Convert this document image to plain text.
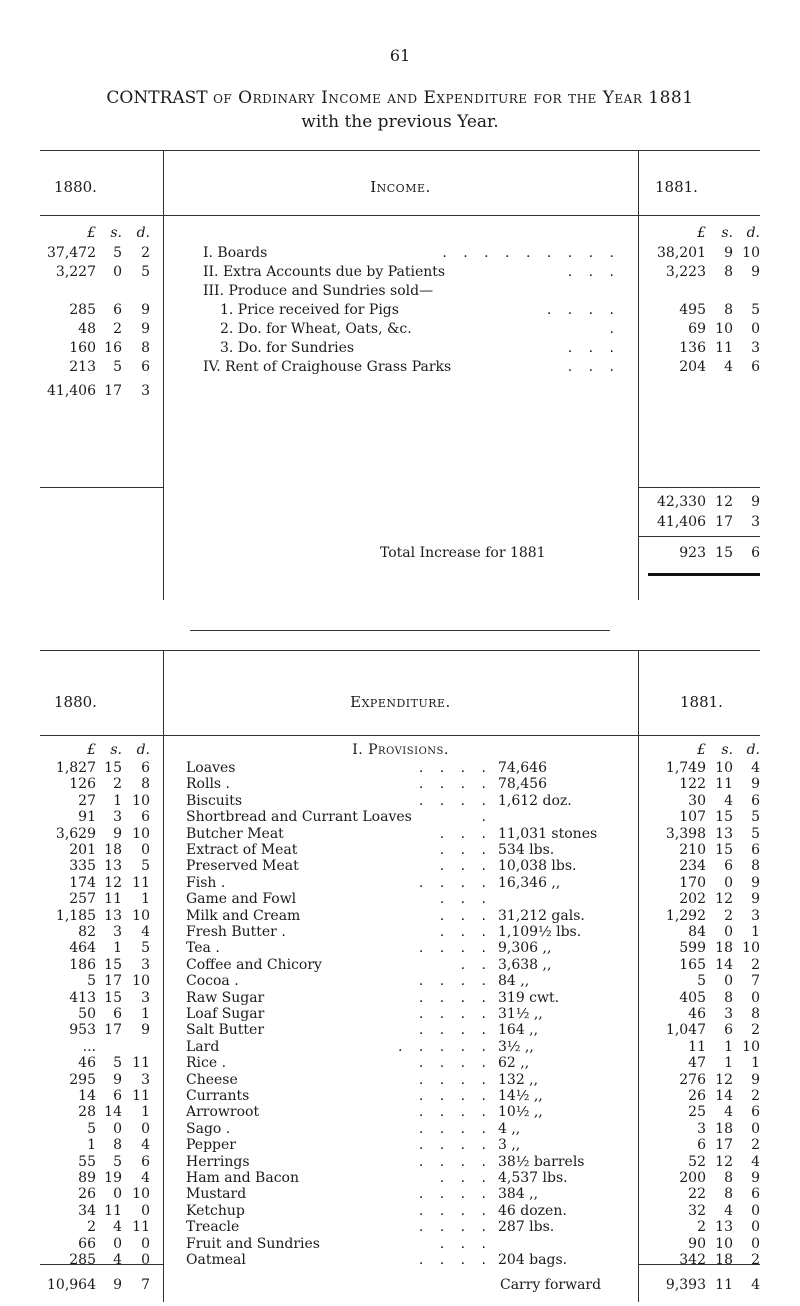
61
CONTRAST of Ordinary Income and Expenditure for the Year 1881
with the previous Year.
1880.	Income.	1881.
£	s.	d.	£	s. d.
37,472	5	2	I. Boards	. . . . . . . . .	38,201	9 10
3,227	0	5	II. Extra Accounts due by Patients	. . .	3,223	8	9
III. Produce and Sundries sold—
285	6	9	1. Price received for Pigs	. . . .	495	8	5
48	2	9	2. Do. for Wheat, Oats, &c.	.	69 10	0
160 16	8	3. Do. for Sundries	. . .	136 11	3
213	5	6	IV. Rent of Craighouse Grass Parks	. . .	204	4	6
41,406 17	3
42,330 12	9
41,406 17	3
Total Increase for 1881	923 15	6
1880.	Expenditure.	1881.
I. Provisions.
£	s.	d.	£	s. d.
1,827 15	6	Loaves	. . . . 74,646	1,749 10	4
126	2	8	Rolls .	. . . . 78,456	122 11	9
27	1 10	Biscuits	. . . . 1,612 doz.	30	4	6
91	3	6	Shortbread and Currant Loaves	.	107 15	5
3,629	9 10	Butcher Meat	. . . 11,031 stones	3,398 13	5
201 18	0	Extract of Meat	. . . 534 lbs.	210 15	6
335 13	5	Preserved Meat	. . . 10,038 lbs.	234	6	8
174 12 11	Fish .	. . . . 16,346 ,,	170	0	9
257 11	1	Game and Fowl	. . .	202 12	9
1,185 13 10	Milk and Cream	. . . 31,212 gals.	1,292	2	3
82	3	4	Fresh Butter .	. . . 1,109½ lbs.	84	0	1
464	1	5	Tea .	. . . . 9,306 ,,	599 18 10
186 15	3	Coffee and Chicory	. . 3,638 ,,	165 14	2
5 17 10	Cocoa .	. . . . 84 ,,	5	0	7
413 15	3	Raw Sugar	. . . . 319 cwt.	405	8	0
50	6	1	Loaf Sugar	. . . . 31½ ,,	46	3	8
953 17	9	Salt Butter	. . . . 164 ,,	1,047	6	2
...	Lard	. . . . . 3½ ,,	11	1 10
46	5 11	Rice .	. . . . 62 ,,	47	1	1
295	9	3	Cheese	. . . . 132 ,,	276 12	9
14	6 11	Currants	. . . . 14½ ,,	26 14	2
28 14	1	Arrowroot	. . . . 10½ ,,	25	4	6
5	0	0	Sago .	. . . . 4 ,,	3 18	0
1	8	4	Pepper	. . . . 3 ,,	6 17	2
55	5	6	Herrings	. . . . 38½ barrels	52 12	4
89 19	4	Ham and Bacon	. . . 4,537 lbs.	200	8	9
26	0 10	Mustard	. . . . 384 ,,	22	8	6
34 11	0	Ketchup	. . . . 46 dozen.	32	4	0
2	4 11	Treacle	. . . . 287 lbs.	2 13	0
66	0	0	Fruit and Sundries	. . .	90 10	0
285	4	0	Oatmeal	. . . . 204 bags.	342 18	2
10,964	9	7	Carry forward	9,393 11	4
